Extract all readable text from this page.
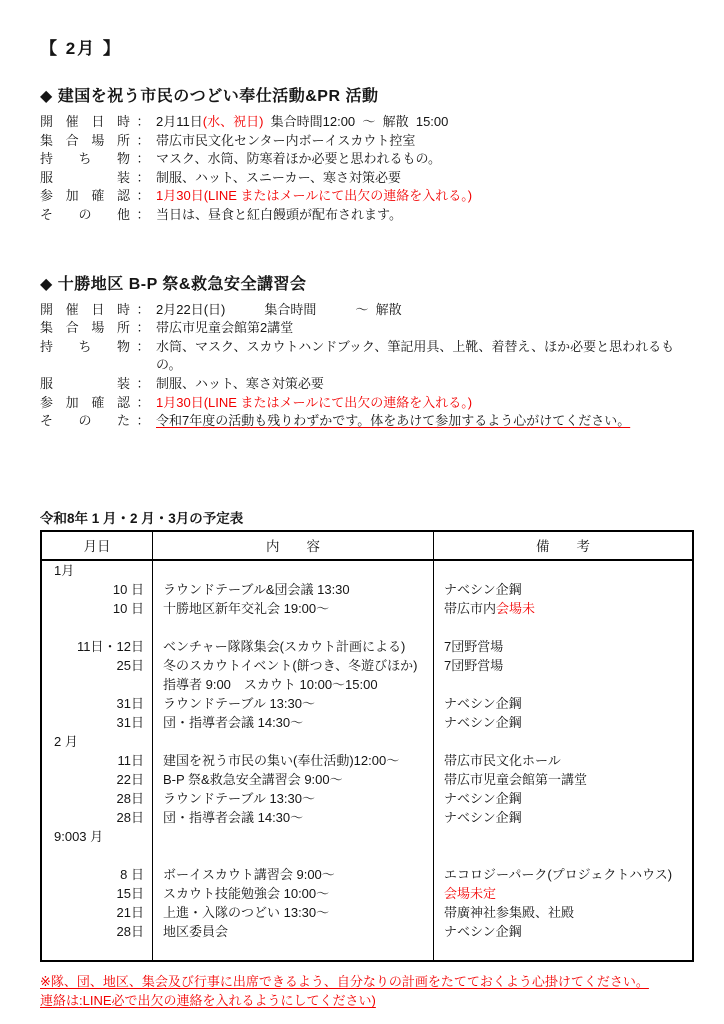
【 2月 】
◆ 建国を祝う市民のつどい奉仕活動&PR 活動
開催日時 ： 2月11日(水、祝日)  集合時間12:00  ～  解散  15:00
集合場所 ： 帯広市民文化センター内ボーイスカウト控室
持ち物 ： マスク、水筒、防寒着ほか必要と思われるもの。
服装 ： 制服、ハット、スニーカー、寒さ対策必要
参加確認 ： 1月30日(LINE またはメールにて出欠の連絡を入れる。)
その他 ： 当日は、昼食と紅白饅頭が配布されます。
◆ 十勝地区 B-P 祭&救急安全講習会
開催日時 ： 2月22日(日)　　　集合時間　　　～  解散
集合場所 ： 帯広市児童会館第2講堂
持ち物 ： 水筒、マスク、スカウトハンドブック、筆記用具、上靴、着替え、ほか必要と思われるもの。
服装 ： 制服、ハット、寒さ対策必要
参加確認 ： 1月30日(LINE またはメールにて出欠の連絡を入れる。)
そのた ： 令和7年度の活動も残りわずかです。体をあけて参加するよう心がけてください。

令和8年 1 月・2 月・3月の予定表

月日	内　　容	備　　考
1月		
10 日	ラウンドテーブル&団会議 13:30	ナベシン企鋼
10 日	十勝地区新年交礼会 19:00～	帯広市内会場未

11日・12日	ベンチャー隊隊集会(スカウト計画による)	7団野営場
25日	冬のスカウトイベント(餅つき、冬遊びほか)	7団野営場
	指導者 9:00　スカウト 10:00～15:00	
31日	ラウンドテーブル 13:30～	ナベシン企鋼
31日	団・指導者会議 14:30～	ナベシン企鋼
2 月		
11日	建国を祝う市民の集い(奉仕活動)12:00～	帯広市民文化ホール
22日	B-P 祭&救急安全講習会 9:00～	帯広市児童会館第一講堂
28日	ラウンドテーブル 13:30～	ナベシン企鋼
28日	団・指導者会議 14:30～	ナベシン企鋼
9:003 月		

8 日	ボーイスカウト講習会 9:00～	エコロジーパーク(プロジェクトハウス)
15日	スカウト技能勉強会 10:00～	会場未定
21日	上進・入隊のつどい 13:30～	帯廣神社参集殿、社殿
28日	地区委員会	ナベシン企鋼

※隊、団、地区、集会及び行事に出席できるよう、自分なりの計画をたてておくよう心掛けてください。

連絡は:LINE必で出欠の連絡を入れるようにしてください)
